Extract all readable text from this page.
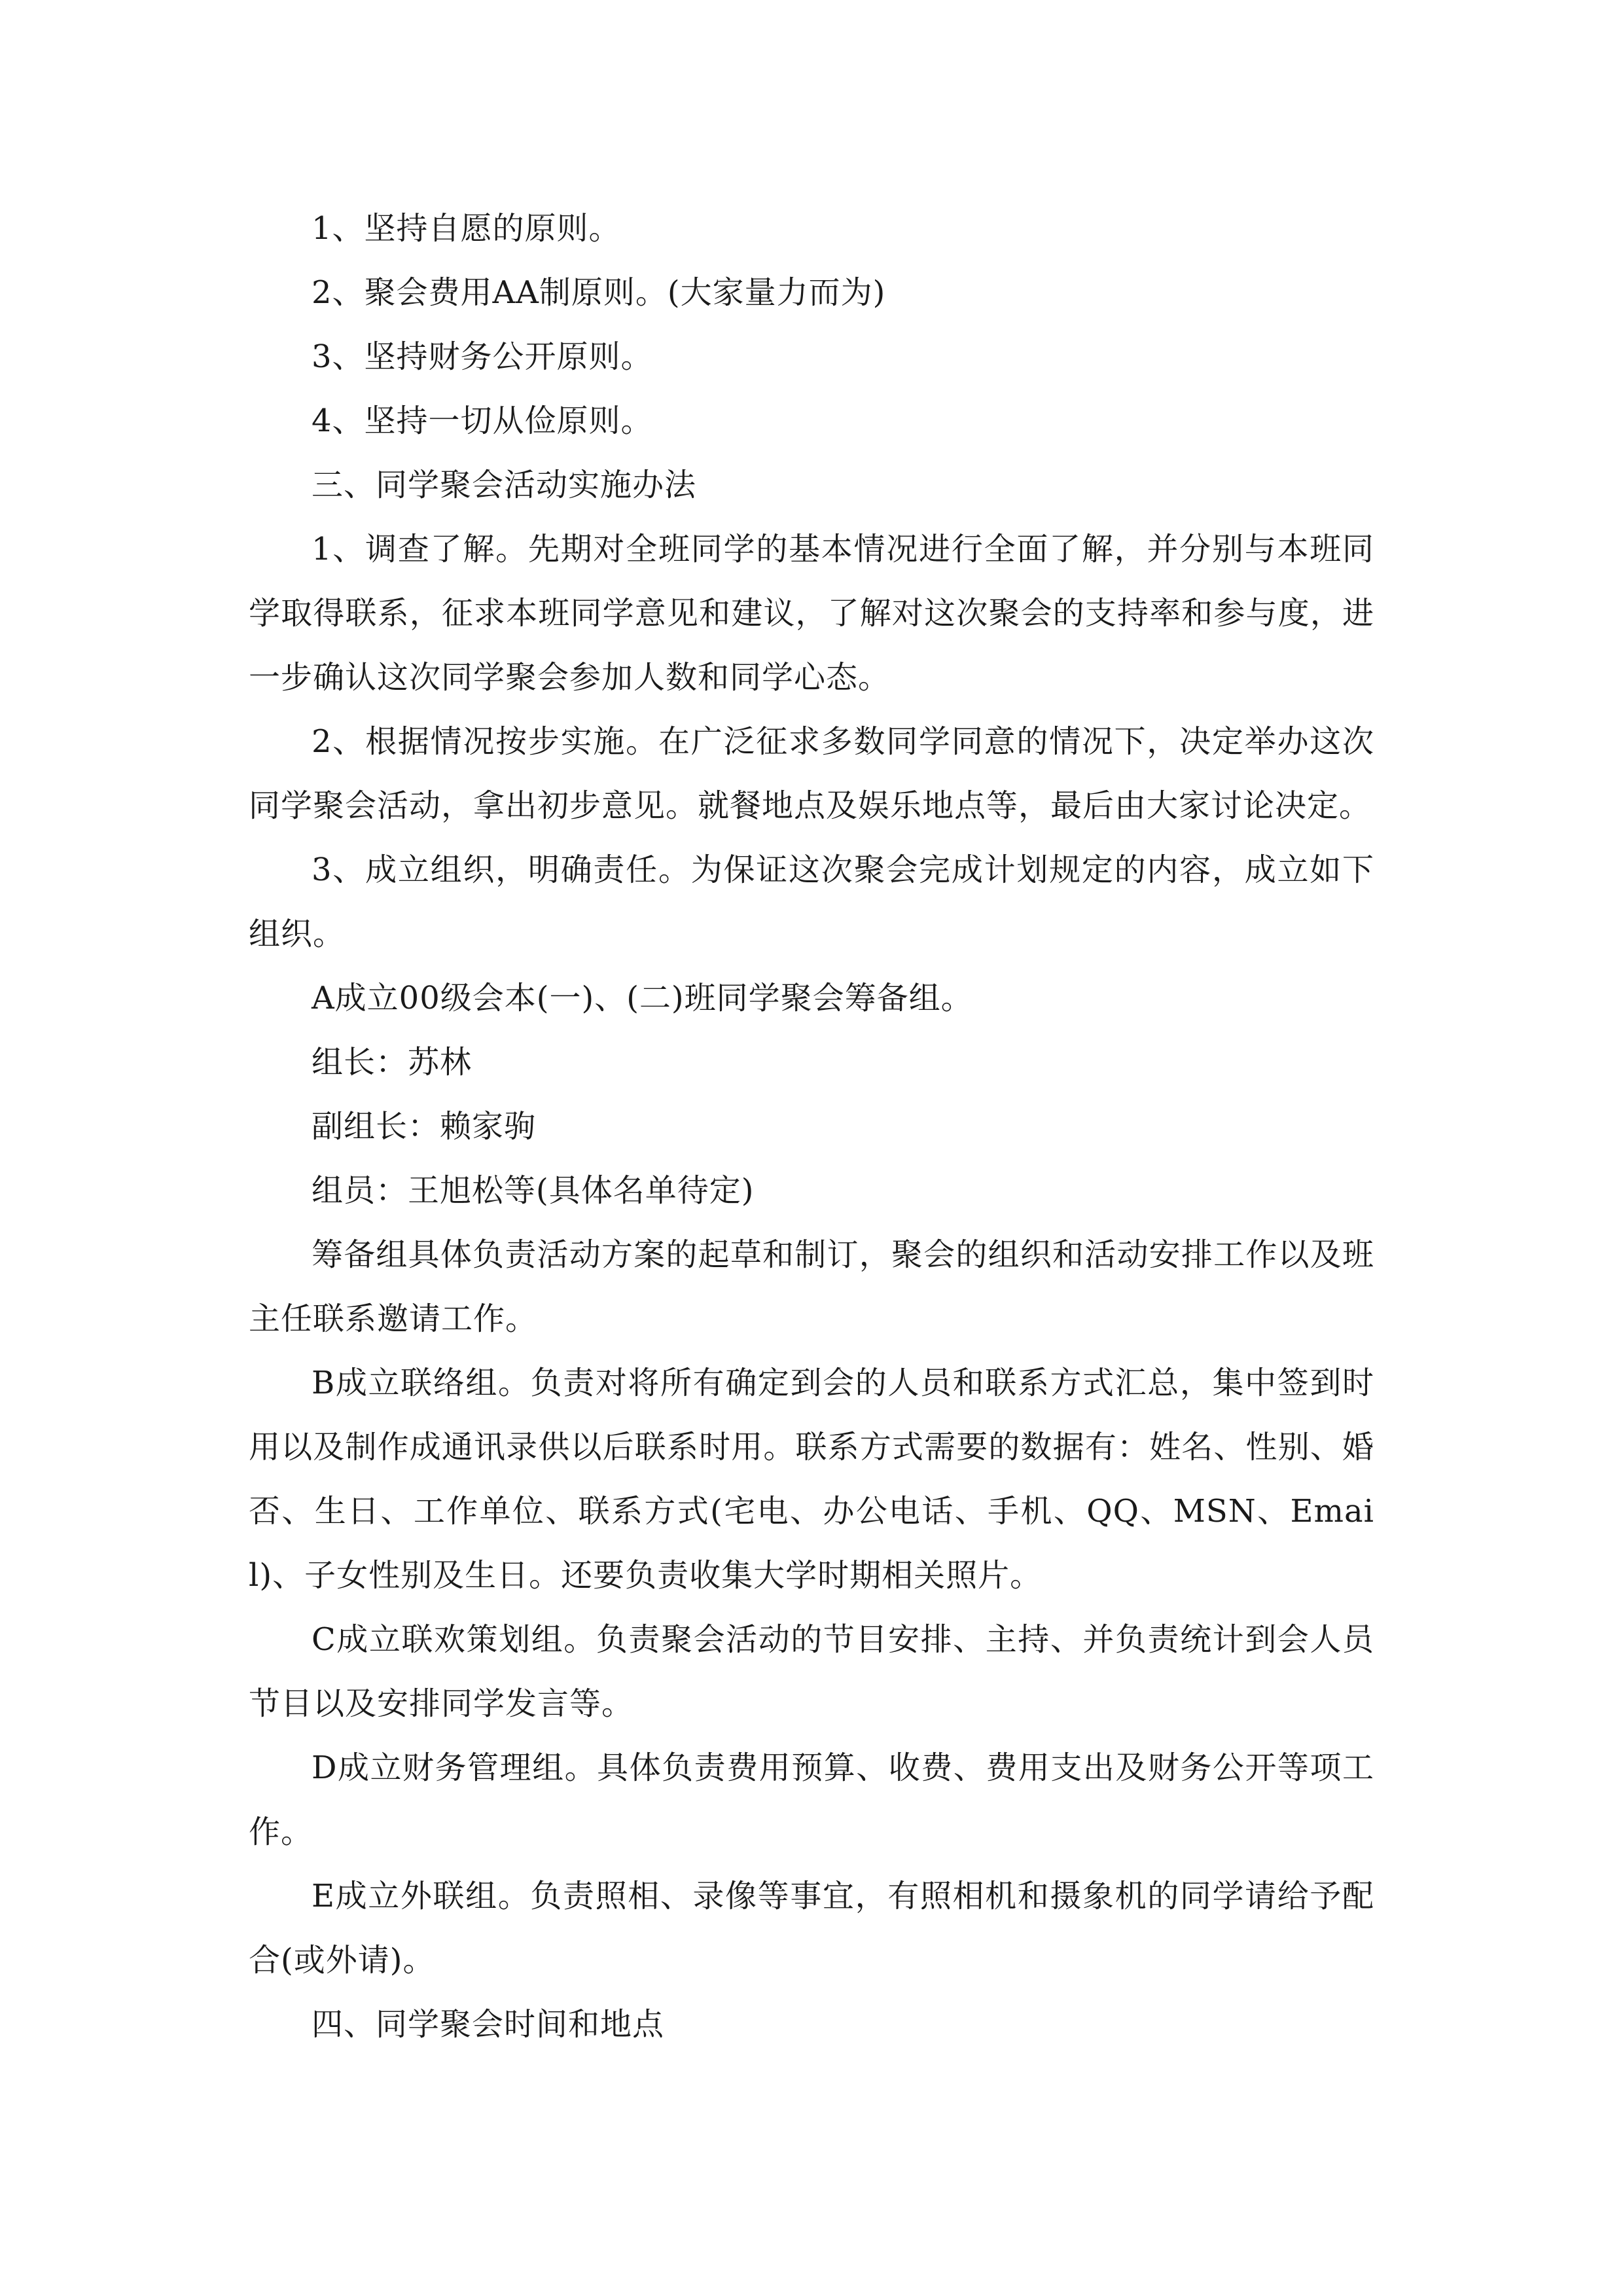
1、坚持自愿的原则。

2、聚会费用AA制原则。(大家量力而为)

3、坚持财务公开原则。

4、坚持一切从俭原则。

三、同学聚会活动实施办法

1、调查了解。先期对全班同学的基本情况进行全面了解，并分别与本班同学取得联系，征求本班同学意见和建议，了解对这次聚会的支持率和参与度，进一步确认这次同学聚会参加人数和同学心态。

2、根据情况按步实施。在广泛征求多数同学同意的情况下，决定举办这次同学聚会活动，拿出初步意见。就餐地点及娱乐地点等，最后由大家讨论决定。

3、成立组织，明确责任。为保证这次聚会完成计划规定的内容，成立如下组织。

A成立00级会本(一)、(二)班同学聚会筹备组。

组长：苏林

副组长：赖家驹

组员：王旭松等(具体名单待定)

筹备组具体负责活动方案的起草和制订，聚会的组织和活动安排工作以及班主任联系邀请工作。

B成立联络组。负责对将所有确定到会的人员和联系方式汇总，集中签到时用以及制作成通讯录供以后联系时用。联系方式需要的数据有：姓名、性别、婚否、生日、工作单位、联系方式(宅电、办公电话、手机、QQ、MSN、Email)、子女性别及生日。还要负责收集大学时期相关照片。

C成立联欢策划组。负责聚会活动的节目安排、主持、并负责统计到会人员节目以及安排同学发言等。

D成立财务管理组。具体负责费用预算、收费、费用支出及财务公开等项工作。

E成立外联组。负责照相、录像等事宜，有照相机和摄象机的同学请给予配合(或外请)。

四、同学聚会时间和地点
